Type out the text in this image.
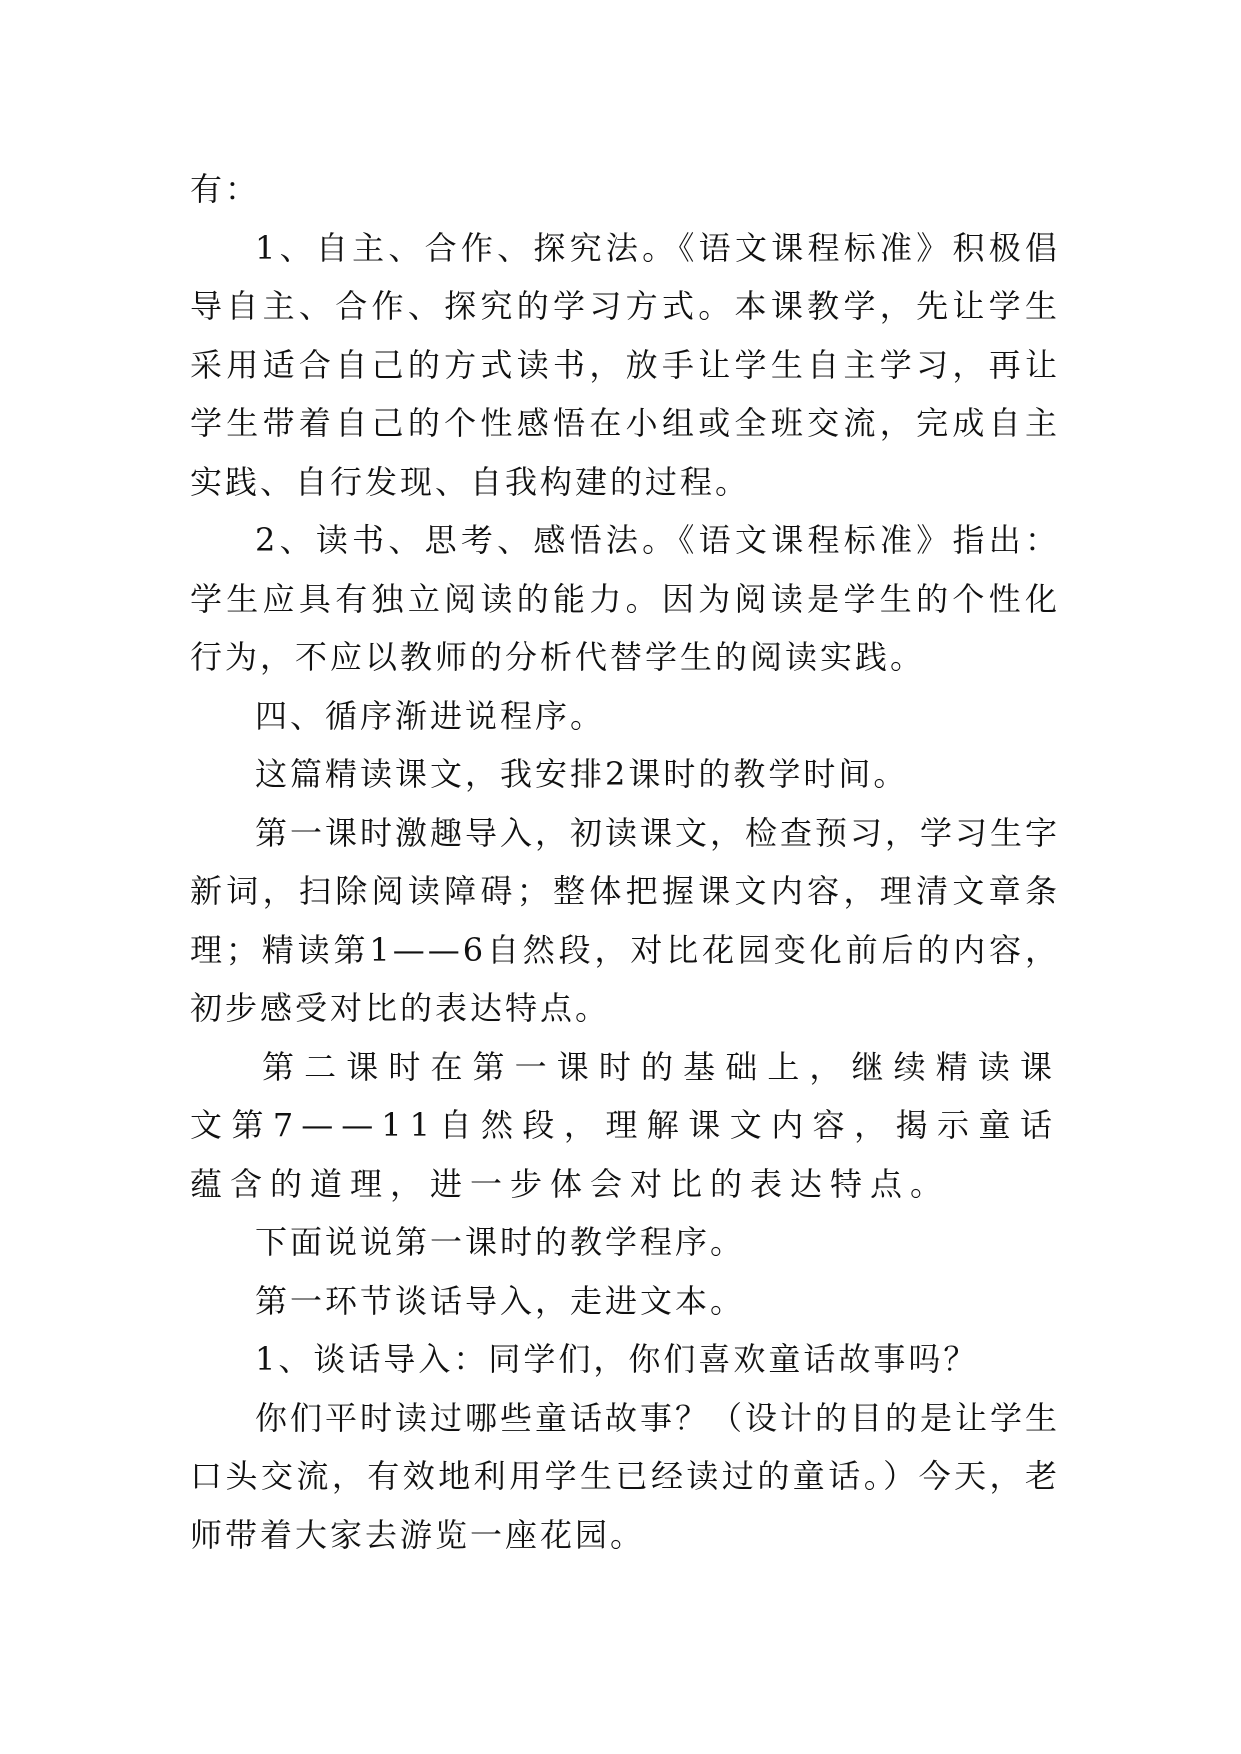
有：

1、自主、合作、探究法。《语文课程标准》积极倡导自主、合作、探究的学习方式。本课教学，先让学生采用适合自己的方式读书，放手让学生自主学习，再让学生带着自己的个性感悟在小组或全班交流，完成自主实践、自行发现、自我构建的过程。

2、读书、思考、感悟法。《语文课程标准》指出：学生应具有独立阅读的能力。因为阅读是学生的个性化行为，不应以教师的分析代替学生的阅读实践。

四、循序渐进说程序。

这篇精读课文，我安排2课时的教学时间。

第一课时激趣导入，初读课文，检查预习，学习生字新词，扫除阅读障碍；整体把握课文内容，理清文章条理；精读第1——6自然段，对比花园变化前后的内容，初步感受对比的表达特点。

第二课时在第一课时的基础上，继续精读课文第7——11自然段，理解课文内容，揭示童话蕴含的道理，进一步体会对比的表达特点。

下面说说第一课时的教学程序。

第一环节谈话导入，走进文本。

1、谈话导入：同学们，你们喜欢童话故事吗？

你们平时读过哪些童话故事？（设计的目的是让学生口头交流，有效地利用学生已经读过的童话。）今天，老师带着大家去游览一座花园。
